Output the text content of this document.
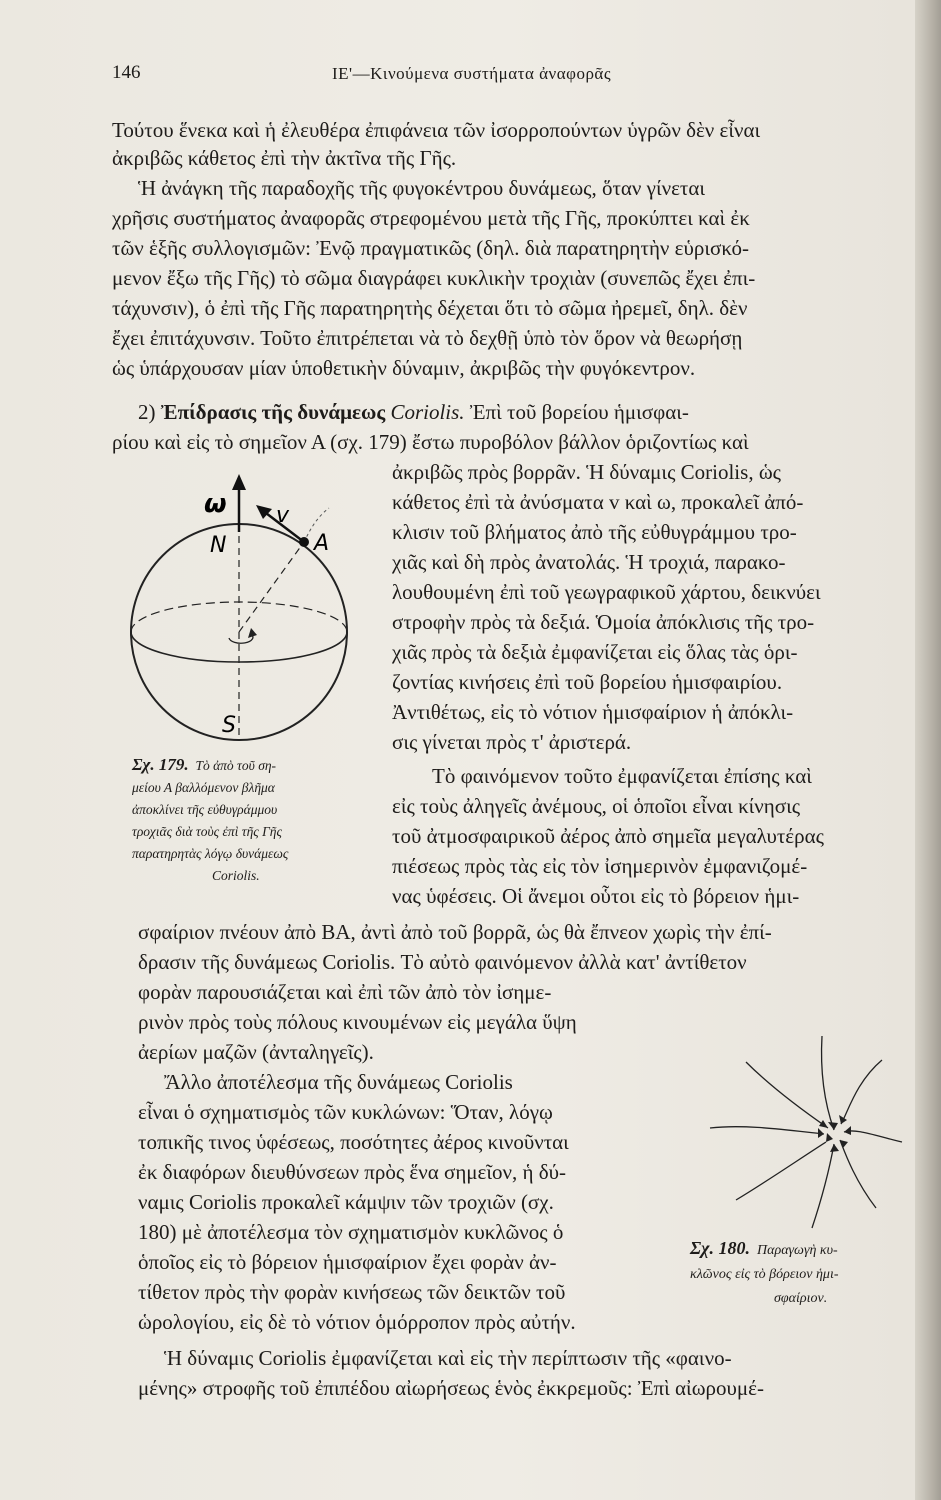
146	ΙΕ'—Κινούμενα συστήματα ἀναφορᾶς
Τούτου ἕνεκα καὶ ἡ ἐλευθέρα ἐπιφάνεια τῶν ἰσορροπούντων ὑγρῶν δὲν εἶναι
ἀκριβῶς κάθετος ἐπὶ τὴν ἀκτῖνα τῆς Γῆς.
Ἡ ἀνάγκη τῆς παραδοχῆς τῆς φυγοκέντρου δυνάμεως, ὅταν γίνεται
χρῆσις συστήματος ἀναφορᾶς στρεφομένου μετὰ τῆς Γῆς, προκύπτει καὶ ἐκ
τῶν ἑξῆς συλλογισμῶν: Ἐνῷ πραγματικῶς (δηλ. διὰ παρατηρητὴν εὑρισκό-
μενον ἔξω τῆς Γῆς) τὸ σῶμα διαγράφει κυκλικὴν τροχιὰν (συνεπῶς ἔχει ἐπι-
τάχυνσιν), ὁ ἐπὶ τῆς Γῆς παρατηρητὴς δέχεται ὅτι τὸ σῶμα ἠρεμεῖ, δηλ. δὲν
ἔχει ἐπιτάχυνσιν. Τοῦτο ἐπιτρέπεται νὰ τὸ δεχθῇ ὑπὸ τὸν ὅρον νὰ θεωρήσῃ
ὡς ὑπάρχουσαν μίαν ὑποθετικὴν δύναμιν, ἀκριβῶς τὴν φυγόκεντρον.
2) Ἐπίδρασις τῆς δυνάμεως Coriolis. Ἐπὶ τοῦ βορείου ἡμισφαι-
ρίου καὶ εἰς τὸ σημεῖον Α (σχ. 179) ἔστω πυροβόλον βάλλον ὁριζοντίως καὶ
ω v
N	A
S
Σχ. 179. Τὸ ἀπὸ τοῦ ση-
μείου Α βαλλόμενον βλῆμα
ἀποκλίνει τῆς εὐθυγράμμου
τροχιᾶς διὰ τοὺς ἐπὶ τῆς Γῆς
παρατηρητὰς λόγῳ δυνάμεως
Coriolis.
ἀκριβῶς πρὸς βορρᾶν. Ἡ δύναμις Coriolis, ὡς
κάθετος ἐπὶ τὰ ἀνύσματα v καὶ ω, προκαλεῖ ἀπό-
κλισιν τοῦ βλήματος ἀπὸ τῆς εὐθυγράμμου τρο-
χιᾶς καὶ δὴ πρὸς ἀνατολάς. Ἡ τροχιά, παρακο-
λουθουμένη ἐπὶ τοῦ γεωγραφικοῦ χάρτου, δεικνύει
στροφὴν πρὸς τὰ δεξιά. Ὁμοία ἀπόκλισις τῆς τρο-
χιᾶς πρὸς τὰ δεξιὰ ἐμφανίζεται εἰς ὅλας τὰς ὁρι-
ζοντίας κινήσεις ἐπὶ τοῦ βορείου ἡμισφαιρίου.
Ἀντιθέτως, εἰς τὸ νότιον ἡμισφαίριον ἡ ἀπόκλι-
σις γίνεται πρὸς τ' ἀριστερά.
Τὸ φαινόμενον τοῦτο ἐμφανίζεται ἐπίσης καὶ
εἰς τοὺς ἀληγεῖς ἀνέμους, οἱ ὁποῖοι εἶναι κίνησις
τοῦ ἀτμοσφαιρικοῦ ἀέρος ἀπὸ σημεῖα μεγαλυτέρας
πιέσεως πρὸς τὰς εἰς τὸν ἰσημερινὸν ἐμφανιζομέ-
νας ὑφέσεις. Οἱ ἄνεμοι οὗτοι εἰς τὸ βόρειον ἡμι-
σφαίριον πνέουν ἀπὸ ΒΑ, ἀντὶ ἀπὸ τοῦ βορρᾶ, ὡς θὰ ἔπνεον χωρὶς τὴν ἐπί-
δρασιν τῆς δυνάμεως Coriolis. Τὸ αὐτὸ φαινόμενον ἀλλὰ κατ' ἀντίθετον
φορὰν παρουσιάζεται καὶ ἐπὶ τῶν ἀπὸ τὸν ἰσημε-
ρινὸν πρὸς τοὺς πόλους κινουμένων εἰς μεγάλα ὕψη
ἀερίων μαζῶν (ἀνταληγεῖς).
Ἄλλο ἀποτέλεσμα τῆς δυνάμεως Coriolis
εἶναι ὁ σχηματισμὸς τῶν κυκλώνων: Ὅταν, λόγῳ
τοπικῆς τινος ὑφέσεως, ποσότητες ἀέρος κινοῦνται
ἐκ διαφόρων διευθύνσεων πρὸς ἕνα σημεῖον, ἡ δύ-
ναμις Coriolis προκαλεῖ κάμψιν τῶν τροχιῶν (σχ.
180) μὲ ἀποτέλεσμα τὸν σχηματισμὸν κυκλῶνος ὁ
ὁποῖος εἰς τὸ βόρειον ἡμισφαίριον ἔχει φορὰν ἀν-
τίθετον πρὸς τὴν φορὰν κινήσεως τῶν δεικτῶν τοῦ
ὡρολογίου, εἰς δὲ τὸ νότιον ὁμόρροπον πρὸς αὐτήν.
Σχ. 180. Παραγωγὴ κυ-
κλῶνος εἰς τὸ βόρειον ἡμι-
σφαίριον.
Ἡ δύναμις Coriolis ἐμφανίζεται καὶ εἰς τὴν περίπτωσιν τῆς «φαινο-
μένης» στροφῆς τοῦ ἐπιπέδου αἰωρήσεως ἑνὸς ἐκκρεμοῦς: Ἐπὶ αἰωρουμέ-
